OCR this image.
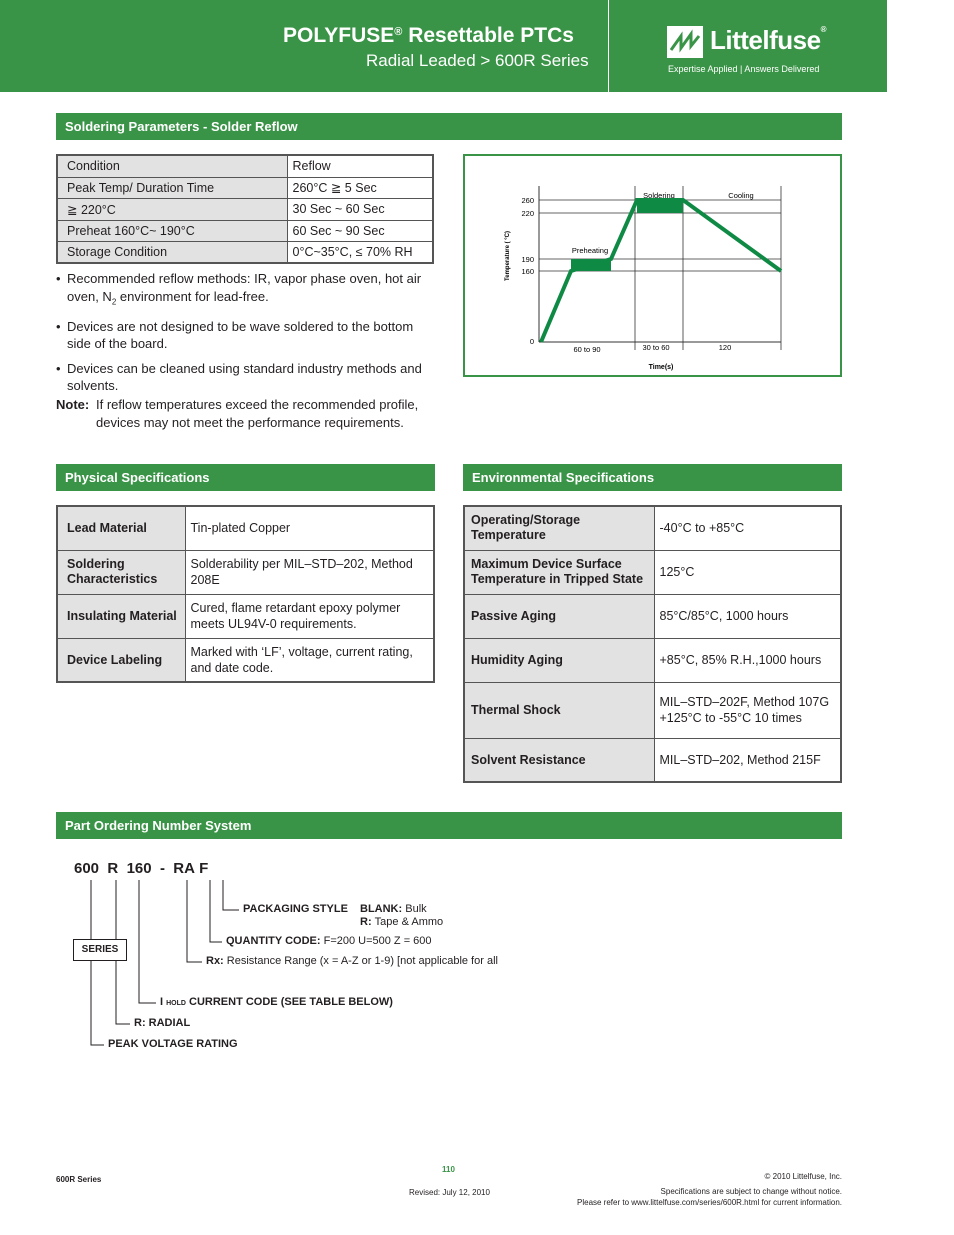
POLYFUSE® Resettable PTCs
Radial Leaded > 600R Series
Littelfuse®
Expertise Applied | Answers Delivered
Soldering Parameters - Solder Reflow
Condition	Reflow
Peak Temp/ Duration Time	260°C ≧ 5 Sec
≧ 220°C	30 Sec ~ 60 Sec
Preheat 160°C~ 190°C	60 Sec ~ 90 Sec
Storage Condition	0°C~35°C, ≤ 70% RH
• Recommended reflow methods: IR, vapor phase oven, hot air oven, $N_2$ environment for lead-free.
• Devices are not designed to be wave soldered to the bottom side of the board.
• Devices can be cleaned using standard industry methods and solvents.
Note: If reflow temperatures exceed the recommended profile, devices may not meet the performance requirements.
260
220
190
160
0
60 to 90	30 to 60	120
Time(s)
Temperature ( °C)	Preheating
Soldering	Cooling
Physical Specifications
Lead Material	Tin-plated Copper
Soldering Characteristics	Solderability per MIL–STD–202, Method 208E
Insulating Material	Cured, flame retardant epoxy polymer meets UL94V-0 requirements.
Device Labeling	Marked with ‘LF’, voltage, current rating, and date code.
Environmental Specifications
Operating/Storage Temperature	-40°C to +85°C
Maximum Device Surface Temperature in Tripped State	125°C
Passive Aging	85°C/85°C, 1000 hours
Humidity Aging	+85°C, 85% R.H.,1000 hours
Thermal Shock	MIL–STD–202F, Method 107G +125°C to -55°C 10 times
Solvent Resistance	MIL–STD–202, Method 215F
Part Ordering Number System
600 R 160 - RA F
SERIES
PACKAGING STYLE BLANK: Bulk
R: Tape & Ammo
QUANTITY CODE: F=200 U=500 Z = 600
Rx: Resistance Range (x = A-Z or 1-9) [not applicable for all
I HOLD CURRENT CODE (SEE TABLE BELOW)
R: RADIAL
PEAK VOLTAGE RATING
600R Series
110
Revised: July 12, 2010
© 2010 Littelfuse, Inc.
Specifications are subject to change without notice.
Please refer to www.littelfuse.com/series/600R.html for current information.
